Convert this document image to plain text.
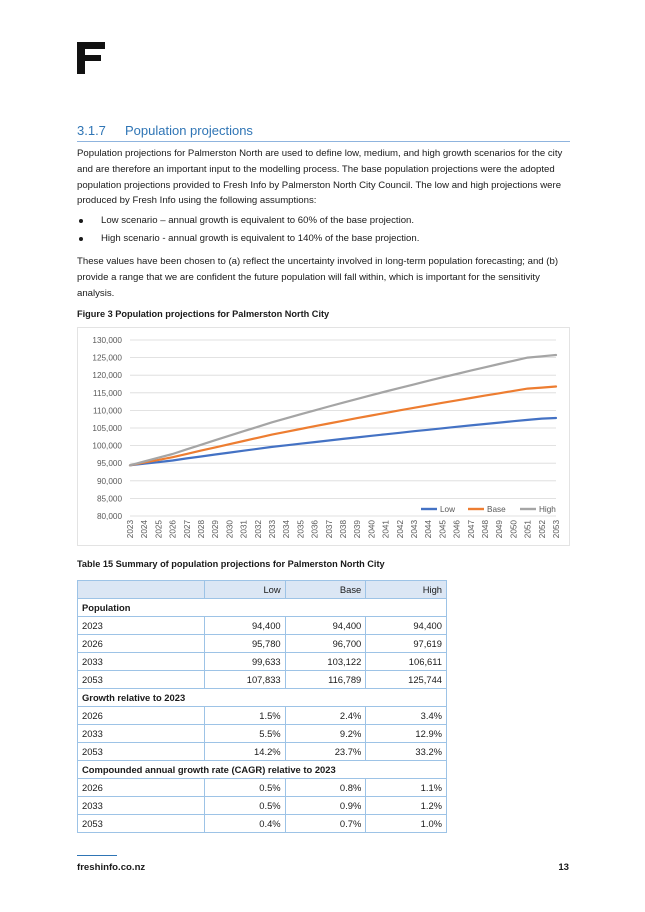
3.1.7 Population projections

Population projections for Palmerston North are used to define low, medium, and high growth scenarios for the city and are therefore an important input to the modelling process. The base population projections were the adopted population projections provided to Fresh Info by Palmerston North City Council. The low and high projections were produced by Fresh Info using the following assumptions:

Low scenario – annual growth is equivalent to 60% of the base projection.
High scenario - annual growth is equivalent to 140% of the base projection.

These values have been chosen to (a) reflect the uncertainty involved in long-term population forecasting; and (b) provide a range that we are confident the future population will fall within, which is important for the sensitivity analysis.

Figure 3 Population projections for Palmerston North City
80,000
85,000
90,000
95,000
100,000
105,000
110,000
115,000
120,000
125,000
130,000
2023 2024 2025 2026 2027 2028 2029 2030 2031 2032 2033 2034 2035 2036 2037 2038 2039 2040 2041 2042 2043 2044 2045 2046 2047 2048 2049 2050 2051 2052 2053
Low	Base	High
Table 15 Summary of population projections for Palmerston North City
	Low	Base	High
Population			
2023	94,400	94,400	94,400
2026	95,780	96,700	97,619
2033	99,633	103,122	106,611
2053	107,833	116,789	125,744
Growth relative to 2023			
2026	1.5%	2.4%	3.4%
2033	5.5%	9.2%	12.9%
2053	14.2%	23.7%	33.2%
Compounded annual growth rate (CAGR) relative to 2023			
2026	0.5%	0.8%	1.1%
2033	0.5%	0.9%	1.2%
2053	0.4%	0.7%	1.0%
freshinfo.co.nz	13
